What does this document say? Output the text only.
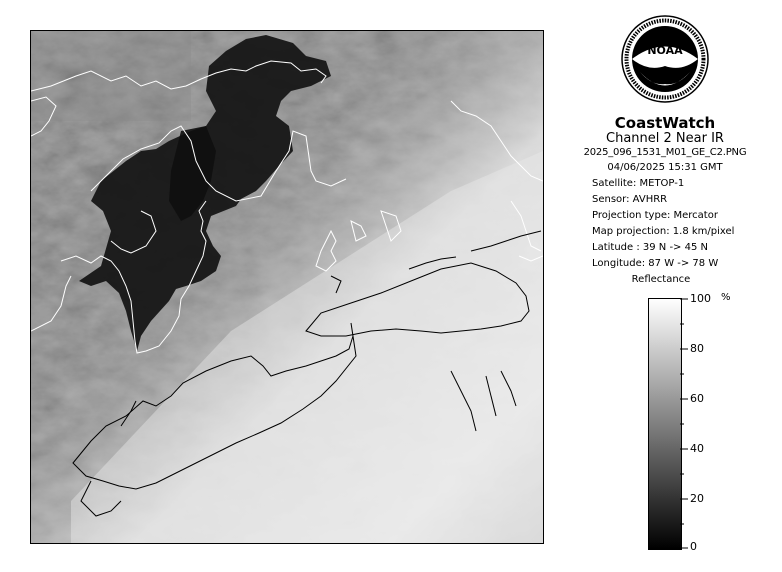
NOAA
CoastWatch
Channel 2 Near IR
2025_096_1531_M01_GE_C2.PNG
04/06/2025 15:31 GMT
Satellite: METOP-1
Sensor: AVHRR
Projection type: Mercator
Map projection: 1.8 km/pixel
Latitude : 39 N -> 45 N
Longitude: 87 W -> 78 W
Reflectance
%
100
80
60
40
20
0
